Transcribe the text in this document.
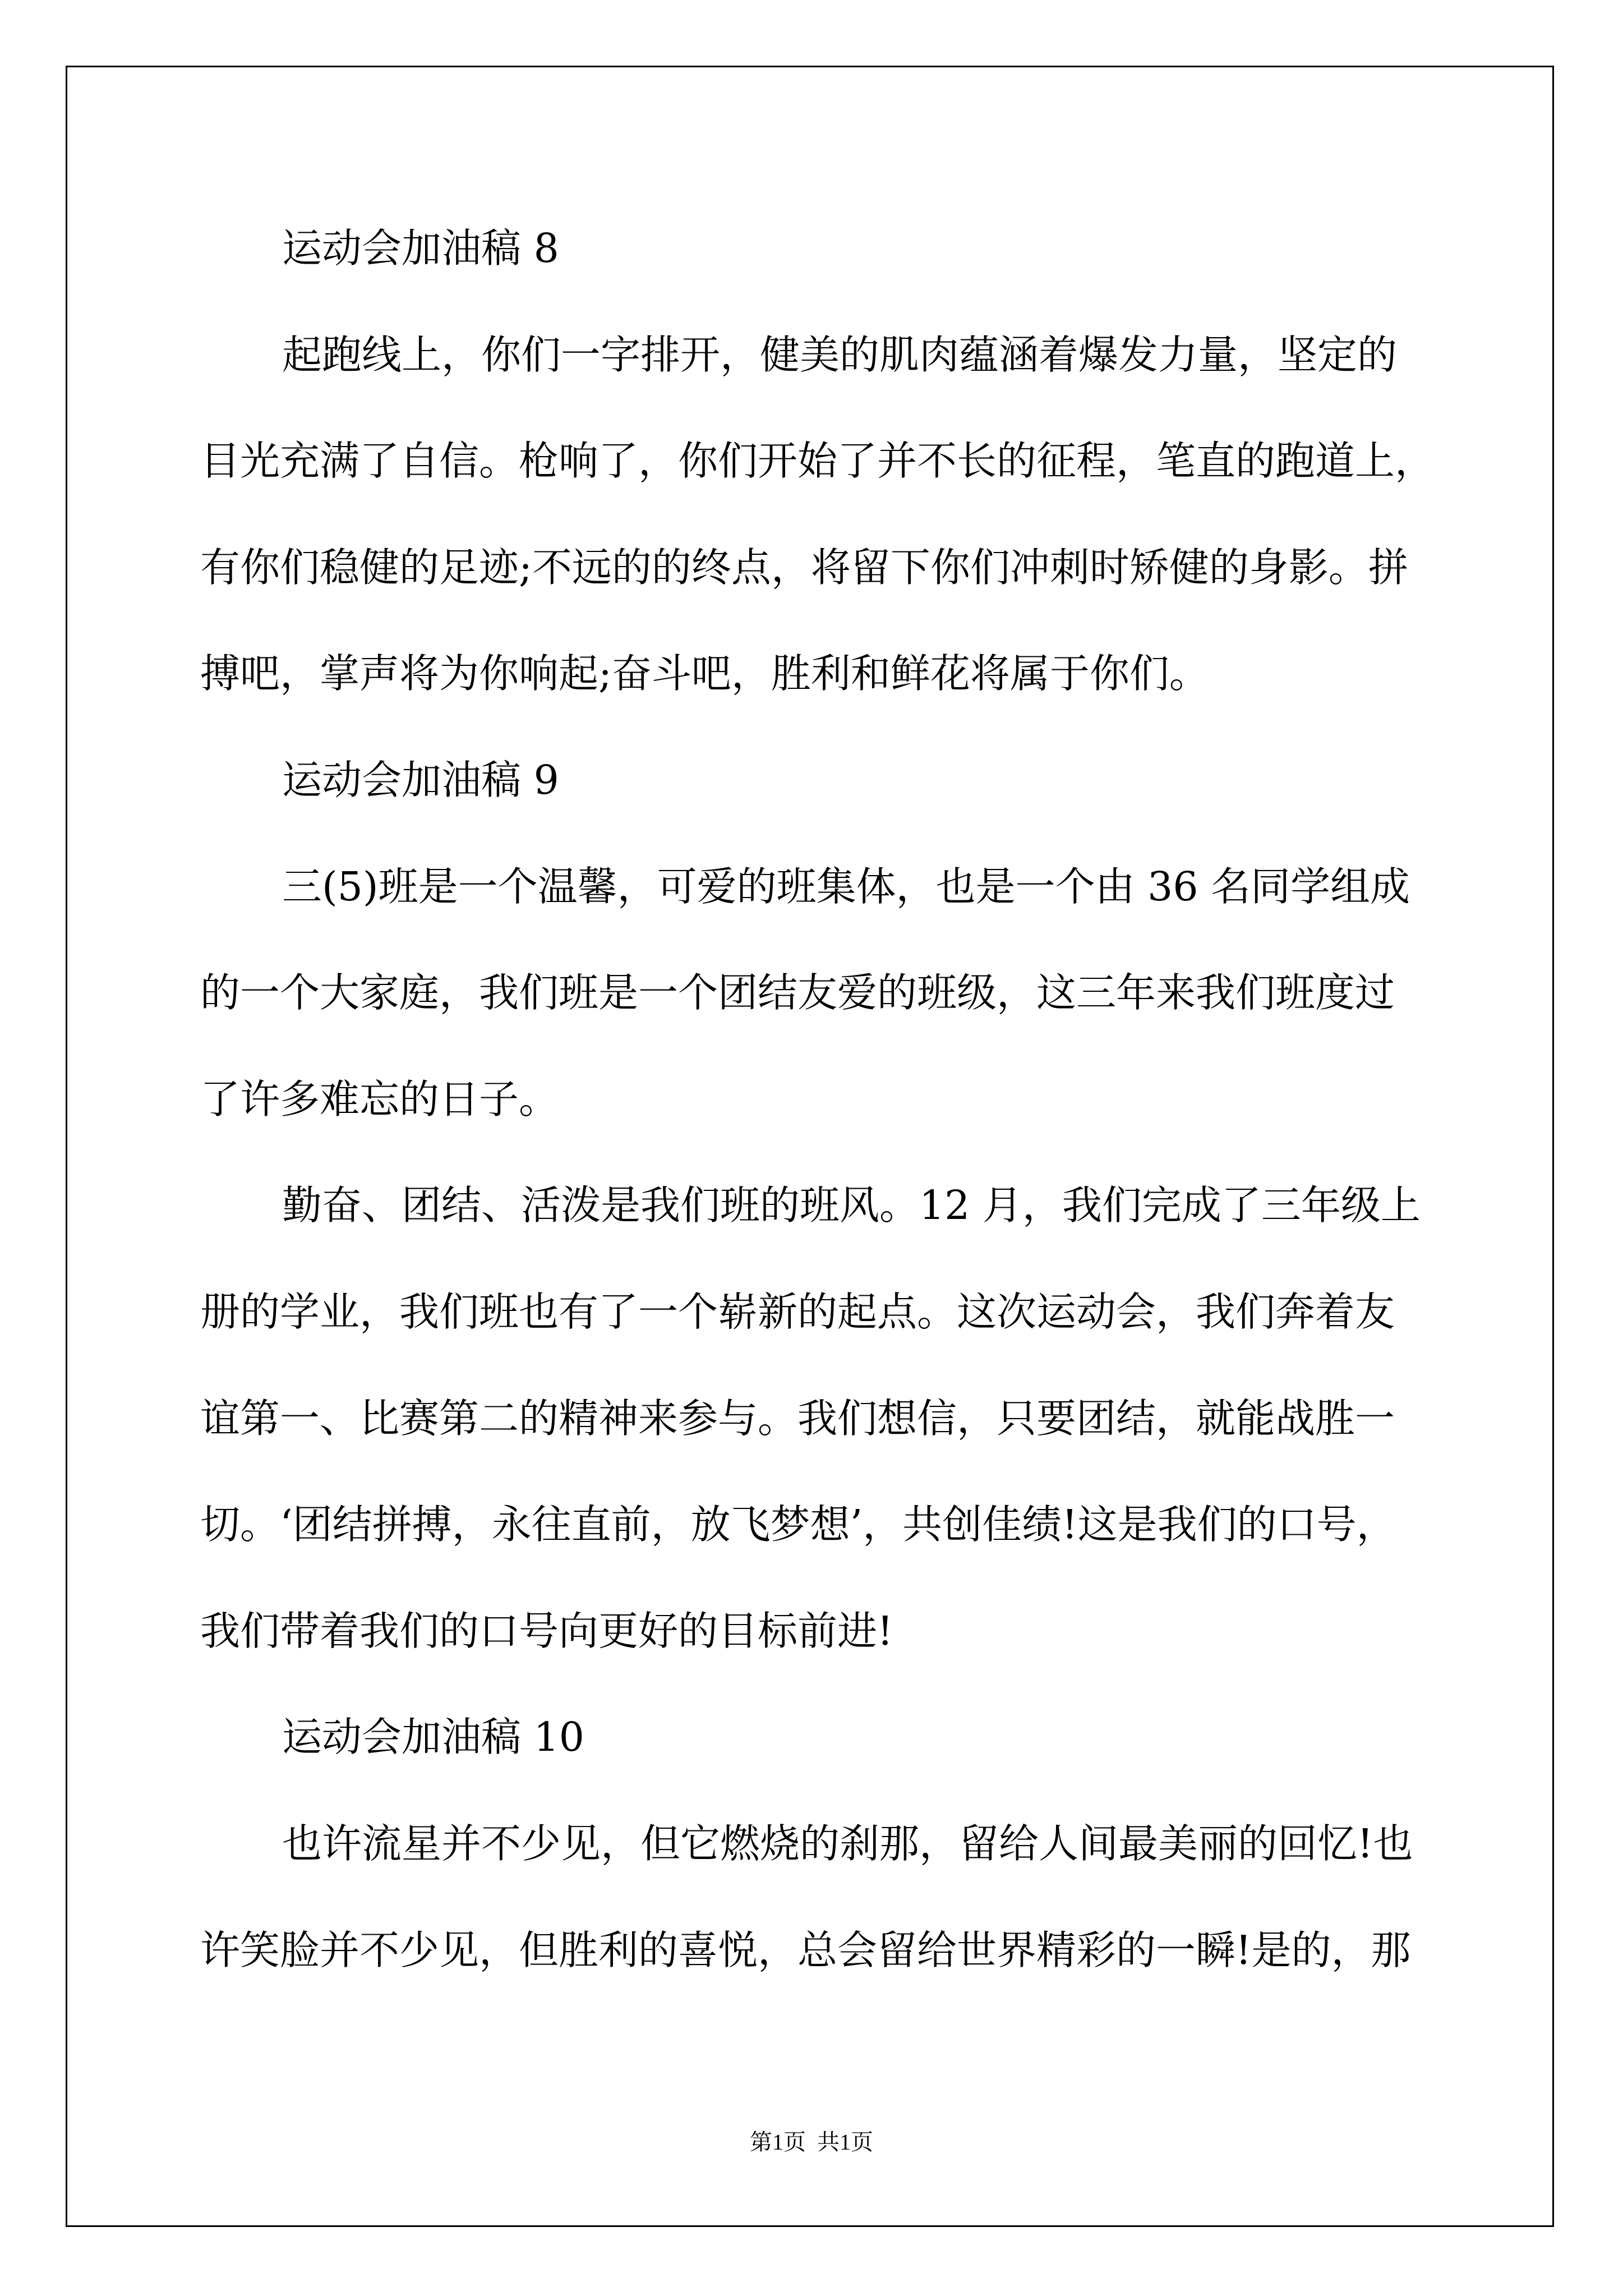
运动会加油稿 8
起跑线上，你们一字排开，健美的肌肉蕴涵着爆发力量，坚定的
目光充满了自信。枪响了，你们开始了并不长的征程，笔直的跑道上，
有你们稳健的足迹;不远的的终点，将留下你们冲刺时矫健的身影。拼
搏吧，掌声将为你响起;奋斗吧，胜利和鲜花将属于你们。
运动会加油稿 9
三(5)班是一个温馨，可爱的班集体，也是一个由 36 名同学组成
的一个大家庭，我们班是一个团结友爱的班级，这三年来我们班度过
了许多难忘的日子。
勤奋、团结、活泼是我们班的班风。12 月，我们完成了三年级上
册的学业，我们班也有了一个崭新的起点。这次运动会，我们奔着友
谊第一、比赛第二的精神来参与。我们想信，只要团结，就能战胜一
切。‘团结拼搏，永往直前，放飞梦想’，共创佳绩!这是我们的口号，
我们带着我们的口号向更好的目标前进!
运动会加油稿 10
也许流星并不少见，但它燃烧的刹那，留给人间最美丽的回忆!也
许笑脸并不少见，但胜利的喜悦，总会留给世界精彩的一瞬!是的，那
第1页  共1页
